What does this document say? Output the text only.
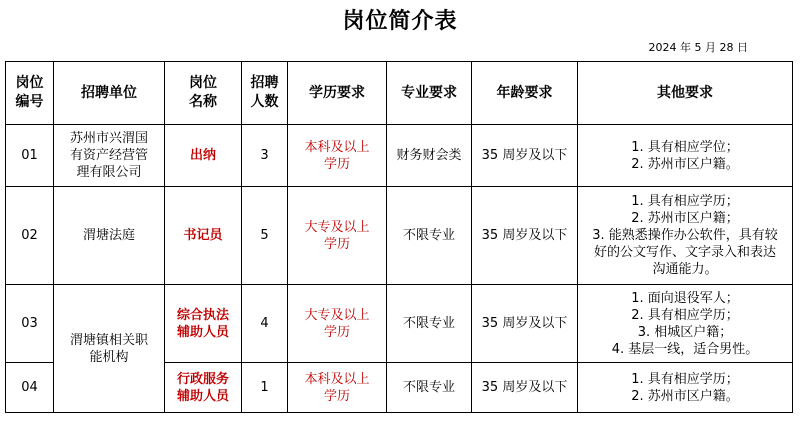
岗位简介表
2024 年 5 月 28 日
岗位
编号	招聘单位	岗位
名称	招聘
人数	学历要求	专业要求	年龄要求	其他要求

01	苏州市兴渭国
有资产经营管
理有限公司	出纳	3	本科及以上
学历	财务财会类	35 周岁及以下	1. 具有相应学位；
2. 苏州市区户籍。

02	渭塘法庭	书记员	5	大专及以上
学历	不限专业	35 周岁及以下	1. 具有相应学历；
2. 苏州市区户籍；
3. 能熟悉操作办公软件，具有较
好的公文写作、文字录入和表达
沟通能力。

03	渭塘镇相关职
能机构	综合执法
辅助人员	4	大专及以上
学历	不限专业	35 周岁及以下	1. 面向退役军人；
2. 具有相应学历；
3. 相城区户籍；
4. 基层一线，适合男性。

04		行政服务
辅助人员	1	本科及以上
学历	不限专业	35 周岁及以下	1. 具有相应学历；
2. 苏州市区户籍。
